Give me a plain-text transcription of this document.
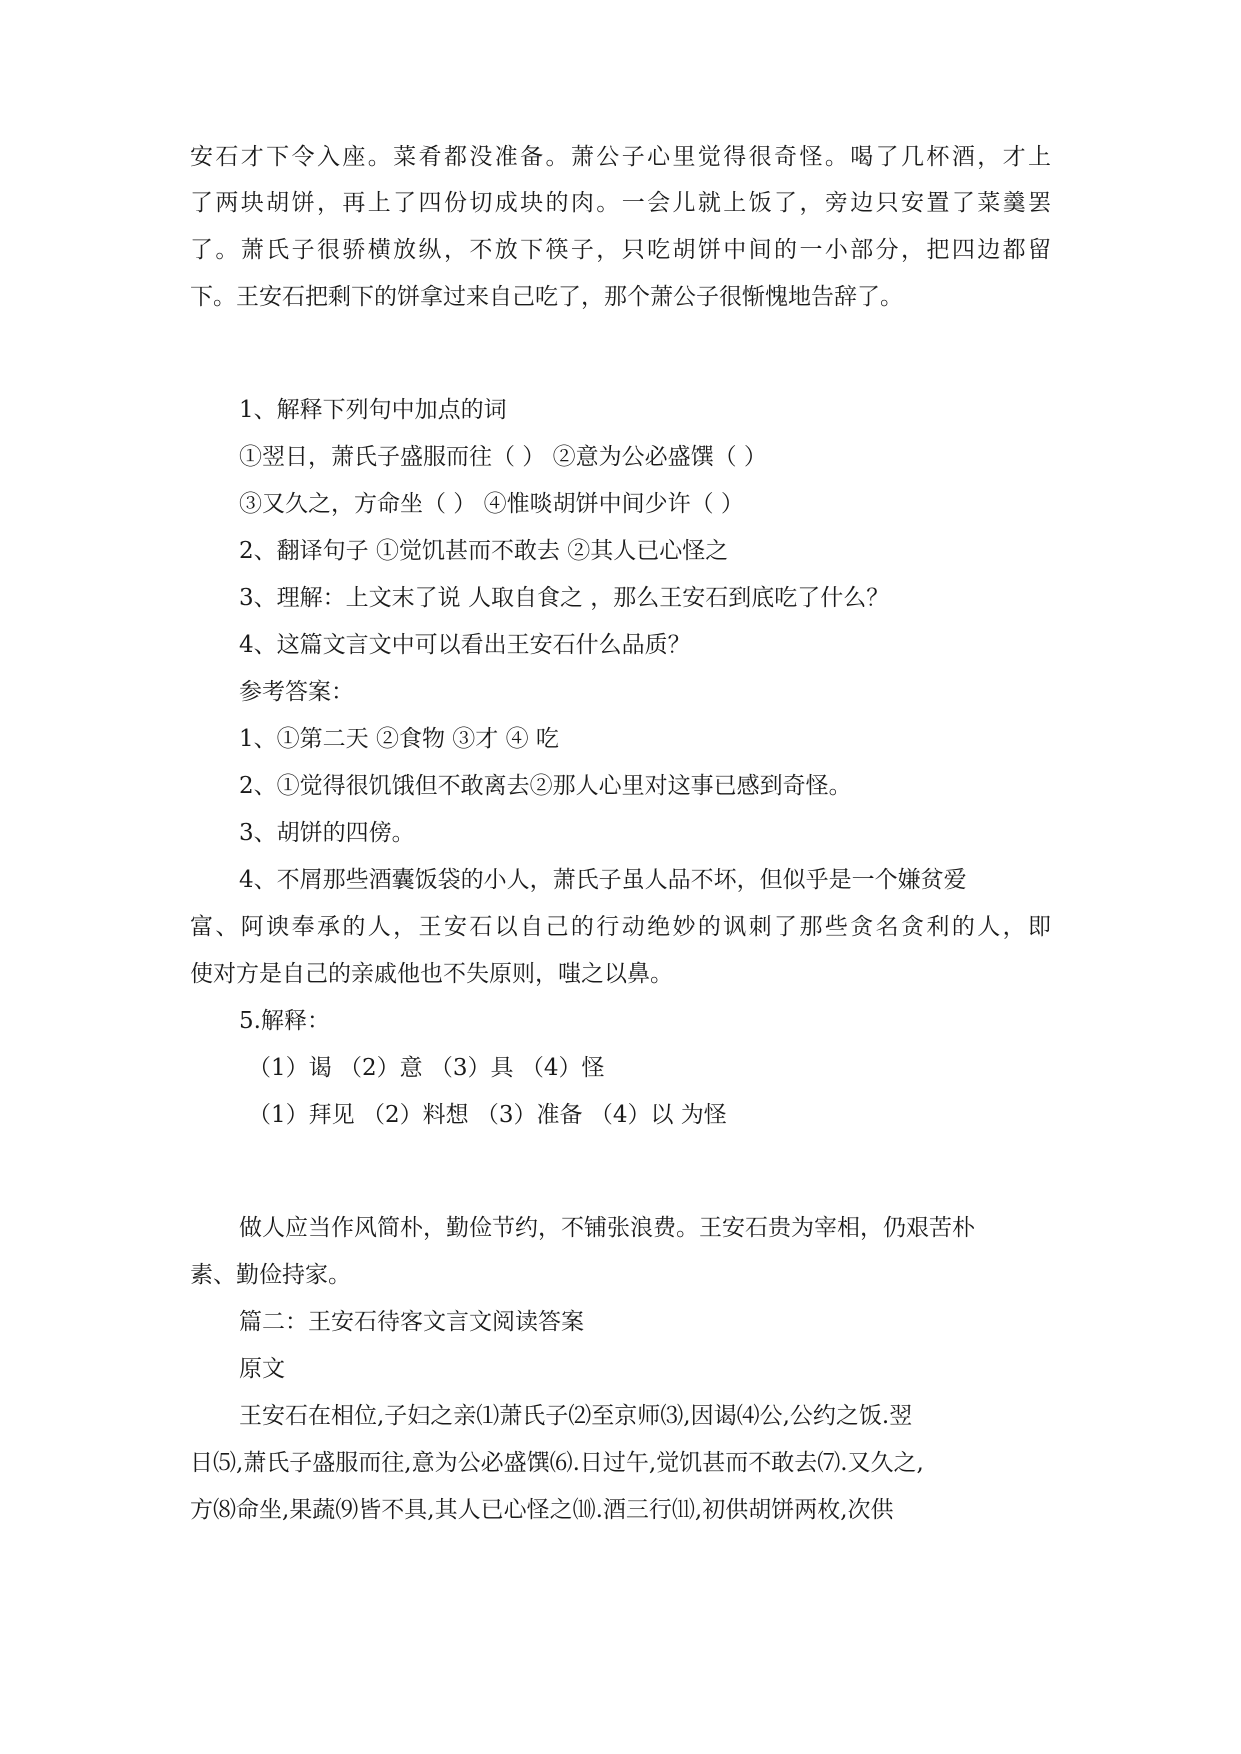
安石才下令入座。菜肴都没准备。萧公子心里觉得很奇怪。喝了几杯酒，才上
了两块胡饼，再上了四份切成块的肉。一会儿就上饭了，旁边只安置了菜羹罢
了。萧氏子很骄横放纵，不放下筷子，只吃胡饼中间的一小部分，把四边都留
下。王安石把剩下的饼拿过来自己吃了，那个萧公子很惭愧地告辞了。
1、解释下列句中加点的词
①翌日，萧氏子盛服而往（ ） ②意为公必盛馔（ ）
③又久之，方命坐（ ） ④惟啖胡饼中间少许（ ）
2、翻译句子 ①觉饥甚而不敢去 ②其人已心怪之
3、理解：上文末了说 人取自食之 ，那么王安石到底吃了什么？
4、这篇文言文中可以看出王安石什么品质？
参考答案：
1、①第二天 ②食物 ③才 ④ 吃
2、①觉得很饥饿但不敢离去②那人心里对这事已感到奇怪。
3、胡饼的四傍。
4、不屑那些酒囊饭袋的小人，萧氏子虽人品不坏，但似乎是一个嫌贫爱
富、阿谀奉承的人，王安石以自己的行动绝妙的讽刺了那些贪名贪利的人，即
使对方是自己的亲戚他也不失原则，嗤之以鼻。
5.解释：
（1）谒 （2）意 （3）具 （4）怪
（1）拜见 （2）料想 （3）准备 （4）以 为怪
做人应当作风简朴，勤俭节约，不铺张浪费。王安石贵为宰相，仍艰苦朴
素、勤俭持家。
篇二：王安石待客文言文阅读答案
原文
王安石在相位,子妇之亲⑴萧氏子⑵至京师⑶,因谒⑷公,公约之饭.翌
日⑸,萧氏子盛服而往,意为公必盛馔⑹.日过午,觉饥甚而不敢去⑺.又久之,
方⑻命坐,果蔬⑼皆不具,其人已心怪之⑽.酒三行⑾,初供胡饼两枚,次供
